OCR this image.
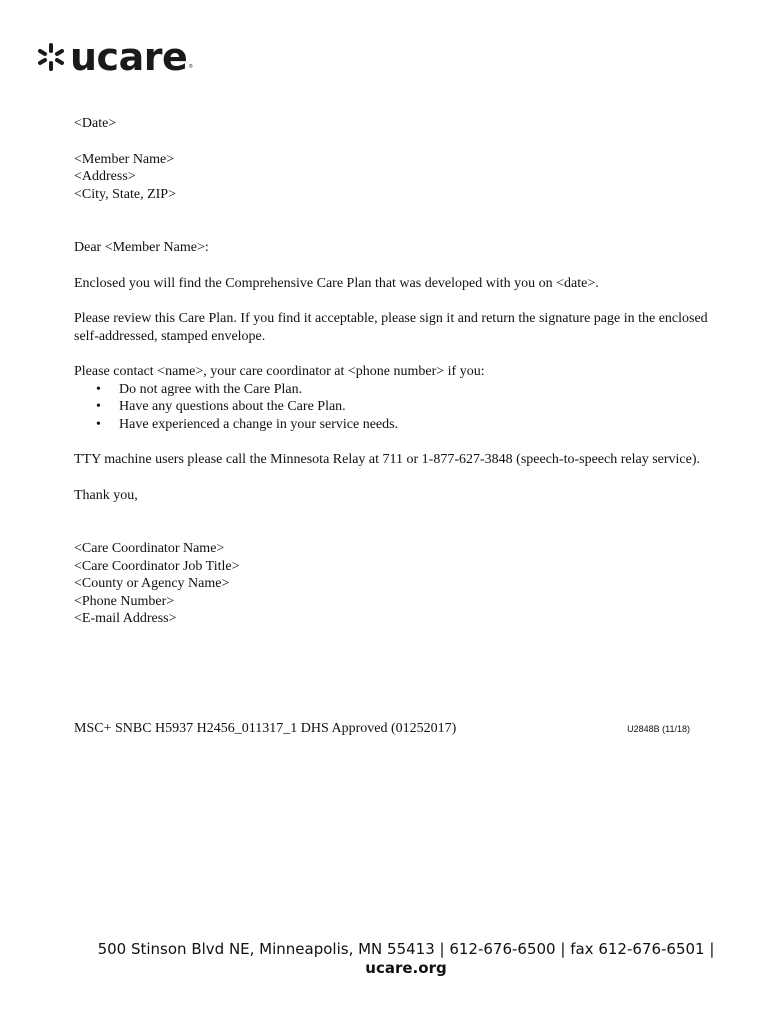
ucare ®

<Date>

<Member Name>

<Address>

<City, State, ZIP>

Dear <Member Name>:

Enclosed you will find the Comprehensive Care Plan that was developed with you on <date>.

Please review this Care Plan. If you find it acceptable, please sign it and return the signature page in the enclosed self-addressed, stamped envelope.

Please contact <name>, your care coordinator at <phone number> if you:

• Do not agree with the Care Plan.
• Have any questions about the Care Plan.
• Have experienced a change in your service needs.

TTY machine users please call the Minnesota Relay at 711 or 1-877-627-3848 (speech-to-speech relay service).

Thank you,

<Care Coordinator Name>

<Care Coordinator Job Title>

<County or Agency Name>

<Phone Number>

<E-mail Address>

MSC+ SNBC H5937 H2456_011317_1 DHS Approved (01252017)	U2848B (11/18)
500 Stinson Blvd NE, Minneapolis, MN 55413 | 612-676-6500 | fax 612-676-6501 |
ucare.org
